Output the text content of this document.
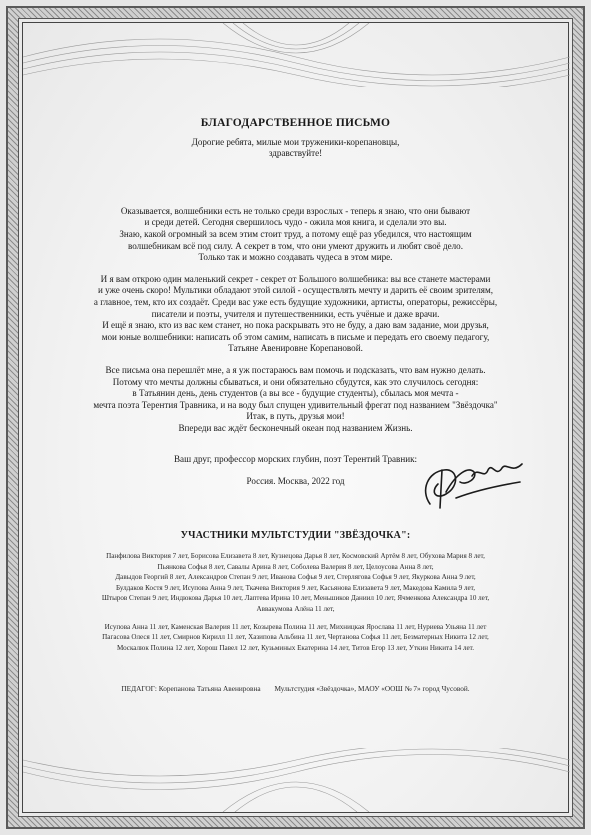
БЛАГОДАРСТВЕННОЕ ПИСЬМО

Дорогие ребята, милые мои труженики-корепановцы,

здравствуйте!

Оказывается, волшебники есть не только среди взрослых - теперь я знаю, что они бывают

и среди детей. Сегодня свершилось чудо - ожила моя книга, и сделали это вы.

Знаю, какой огромный за всем этим стоит труд, а потому ещё раз убедился, что настоящим

волшебникам всё под силу. А секрет в том, что они умеют дружить и любят своё дело.

Только так и можно создавать чудеса в этом мире.

И я вам открою один маленький секрет - секрет от Большого волшебника: вы все станете мастерами

и уже очень скоро! Мультики обладают этой силой - осуществлять мечту и дарить её своим зрителям,

а главное, тем, кто их создаёт. Среди вас уже есть будущие художники, артисты, операторы, режиссёры,

писатели и поэты, учителя и путешественники, есть учёные и даже врачи.

И ещё я знаю, кто из вас кем станет, но пока раскрывать это не буду, а даю вам задание, мои друзья,

мои юные волшебники: написать об этом самим, написать в письме и передать его своему педагогу,

Татьяне Авенировне Корепановой.

Все письма она перешлёт мне, а я уж постараюсь вам помочь и подсказать, что вам нужно делать.

Потому что мечты должны сбываться, и они обязательно сбудутся, как это случилось сегодня:

в Татьянин день, день студентов (а вы все - будущие студенты), сбылась моя мечта -

мечта поэта Терентия Травника, и на воду был спущен удивительный фрегат под названием "Звёздочка"

Итак, в путь, друзья мои!

Впереди вас ждёт бесконечный океан под названием Жизнь.

Ваш друг, профессор морских глубин, поэт Терентий Травник:

Россия. Москва, 2022 год

УЧАСТНИКИ МУЛЬТСТУДИИ "ЗВЁЗДОЧКА":

Панфилова Виктория 7 лет, Борисова Елизавета 8 лет, Кузнецова Дарья 8 лет, Космовский Артём 8 лет, Обухова Мария 8 лет,

Пьянкова Софья 8 лет, Савалы Арина 8 лет, Соболева Валерия 8 лет, Целоусова Анна 8 лет,

Давыдов Георгий 8 лет, Александров Степан 9 лет, Иванова Софья 9 лет, Стерлягова Софья 9 лет, Якуркова Анна 9 лет,

Булдаков Костя 9 лет, Исупова Анна 9 лет, Ткачева Виктория 9 лет, Касьянова Елизавета 9 лет, Македова Камила 9 лет,

Штыров Степан 9 лет, Индюкова Дарья 10 лет, Лаптева Ирина 10 лет, Меньшиков Даниил 10 лет, Ячменкова Александра 10 лет,

Аввакумова Алёна 11 лет,

Исупова Анна 11 лет, Каменская Валерия 11 лет, Козырева Полина 11 лет, Михницкая Ярослава 11 лет, Нуриева Ульяна 11 лет

Пагасова Олеся 11 лет, Смирнов Кирилл 11 лет, Хазипова Альбина 11 лет, Чертанова Софья 11 лет, Безматерных Никита 12 лет,

Москалюк Полина 12 лет, Хорош Павел 12 лет, Кузьминых Екатерина 14 лет, Титов Егор 13 лет, Уткин Никита 14 лет.

ПЕДАГОГ: Корепанова Татьяна Авенировна Мультстудия «Звёздочка», МАОУ «ООШ № 7» город Чусовой.
